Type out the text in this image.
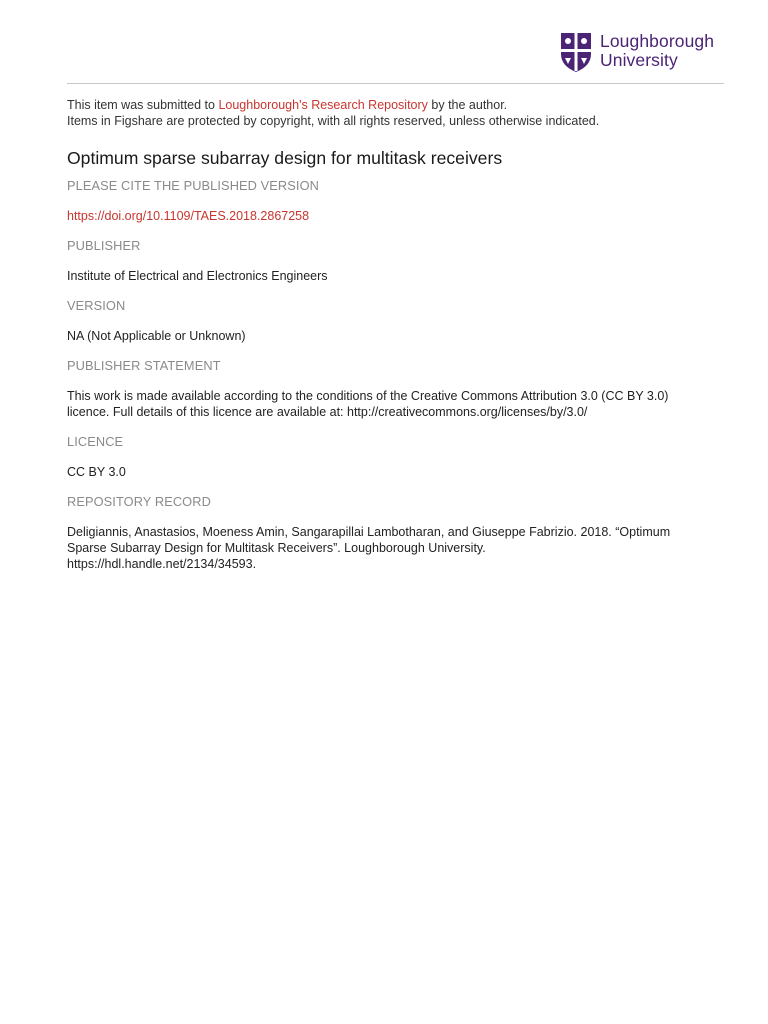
Loughborough
University
This item was submitted to Loughborough's Research Repository by the author.
Items in Figshare are protected by copyright, with all rights reserved, unless otherwise indicated.
Optimum sparse subarray design for multitask receivers
PLEASE CITE THE PUBLISHED VERSION
https://doi.org/10.1109/TAES.2018.2867258
PUBLISHER
Institute of Electrical and Electronics Engineers
VERSION
NA (Not Applicable or Unknown)
PUBLISHER STATEMENT
This work is made available according to the conditions of the Creative Commons Attribution 3.0 (CC BY 3.0)
licence. Full details of this licence are available at: http://creativecommons.org/licenses/by/3.0/
LICENCE
CC BY 3.0
REPOSITORY RECORD
Deligiannis, Anastasios, Moeness Amin, Sangarapillai Lambotharan, and Giuseppe Fabrizio. 2018. “Optimum
Sparse Subarray Design for Multitask Receivers”. Loughborough University.
https://hdl.handle.net/2134/34593.
